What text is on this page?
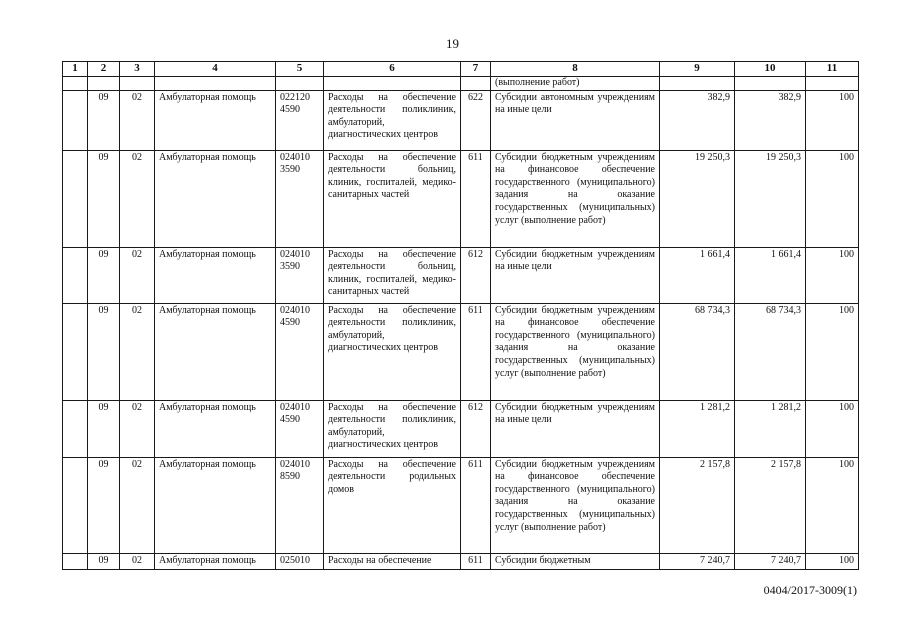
19
1	2	3	4	5	6	7	8	9	10	11
							(выполнение работ)			
	09	02	Амбулаторная помощь	022120 4590	Расходы на обеспечение деятельности поликлиник, амбулаторий, диагностических центров	622	Субсидии автономным учреждениям на иные цели	382,9	382,9	100
	09	02	Амбулаторная помощь	024010 3590	Расходы на обеспечение деятельности больниц, клиник, госпиталей, медико-санитарных частей	611	Субсидии бюджетным учреждениям на финансовое обеспечение государственного (муниципального) задания на оказание государственных (муниципальных) услуг (выполнение работ)	19 250,3	19 250,3	100
	09	02	Амбулаторная помощь	024010 3590	Расходы на обеспечение деятельности больниц, клиник, госпиталей, медико-санитарных частей	612	Субсидии бюджетным учреждениям на иные цели	1 661,4	1 661,4	100
	09	02	Амбулаторная помощь	024010 4590	Расходы на обеспечение деятельности поликлиник, амбулаторий, диагностических центров	611	Субсидии бюджетным учреждениям на финансовое обеспечение государственного (муниципального) задания на оказание государственных (муниципальных) услуг (выполнение работ)	68 734,3	68 734,3	100
	09	02	Амбулаторная помощь	024010 4590	Расходы на обеспечение деятельности поликлиник, амбулаторий, диагностических центров	612	Субсидии бюджетным учреждениям на иные цели	1 281,2	1 281,2	100
	09	02	Амбулаторная помощь	024010 8590	Расходы на обеспечение деятельности родильных домов	611	Субсидии бюджетным учреждениям на финансовое обеспечение государственного (муниципального) задания на оказание государственных (муниципальных) услуг (выполнение работ)	2 157,8	2 157,8	100
	09	02	Амбулаторная помощь	025010	Расходы на обеспечение	611	Субсидии бюджетным	7 240,7	7 240,7	100
0404/2017-3009(1)
